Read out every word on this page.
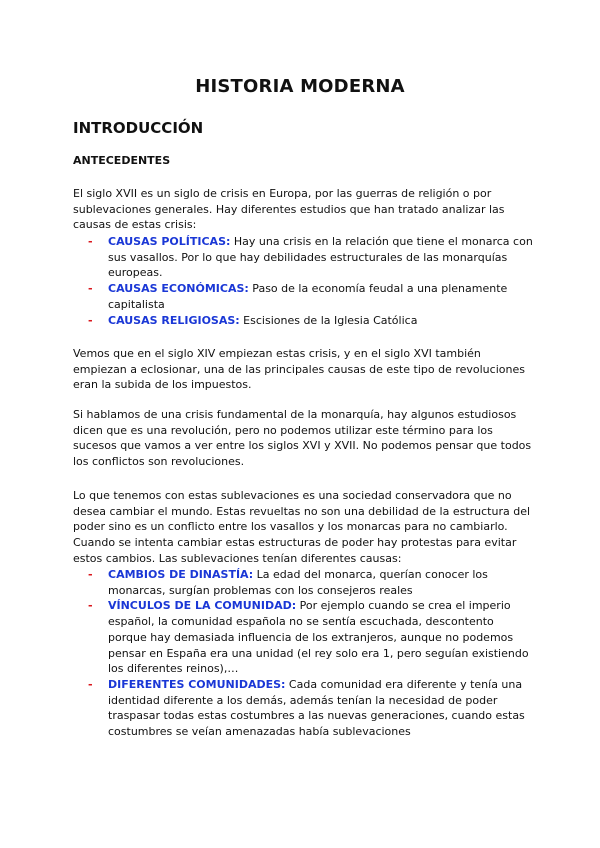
HISTORIA MODERNA
INTRODUCCIÓN
ANTECEDENTES

El siglo XVII es un siglo de crisis en Europa, por las guerras de religión o por sublevaciones generales. Hay diferentes estudios que han tratado analizar las causas de estas crisis:

- CAUSAS POLÍTICAS: Hay una crisis en la relación que tiene el monarca con sus vasallos. Por lo que hay debilidades estructurales de las monarquías europeas.
- CAUSAS ECONÓMICAS: Paso de la economía feudal a una plenamente capitalista
- CAUSAS RELIGIOSAS: Escisiones de la Iglesia Católica

Vemos que en el siglo XIV empiezan estas crisis, y en el siglo XVI también empiezan a eclosionar, una de las principales causas de este tipo de revoluciones eran la subida de los impuestos.

Si hablamos de una crisis fundamental de la monarquía, hay algunos estudiosos dicen que es una revolución, pero no podemos utilizar este término para los sucesos que vamos a ver entre los siglos XVI y XVII. No podemos pensar que todos los conflictos son revoluciones.

Lo que tenemos con estas sublevaciones es una sociedad conservadora que no desea cambiar el mundo. Estas revueltas no son una debilidad de la estructura del poder sino es un conflicto entre los vasallos y los monarcas para no cambiarlo. Cuando se intenta cambiar estas estructuras de poder hay protestas para evitar estos cambios. Las sublevaciones tenían diferentes causas:

- CAMBIOS DE DINASTÍA: La edad del monarca, querían conocer los monarcas, surgían problemas con los consejeros reales
- VÍNCULOS DE LA COMUNIDAD: Por ejemplo cuando se crea el imperio español, la comunidad española no se sentía escuchada, descontento porque hay demasiada influencia de los extranjeros, aunque no podemos pensar en España era una unidad (el rey solo era 1, pero seguían existiendo los diferentes reinos),…
- DIFERENTES COMUNIDADES: Cada comunidad era diferente y tenía una identidad diferente a los demás, además tenían la necesidad de poder traspasar todas estas costumbres a las nuevas generaciones, cuando estas costumbres se veían amenazadas había sublevaciones
